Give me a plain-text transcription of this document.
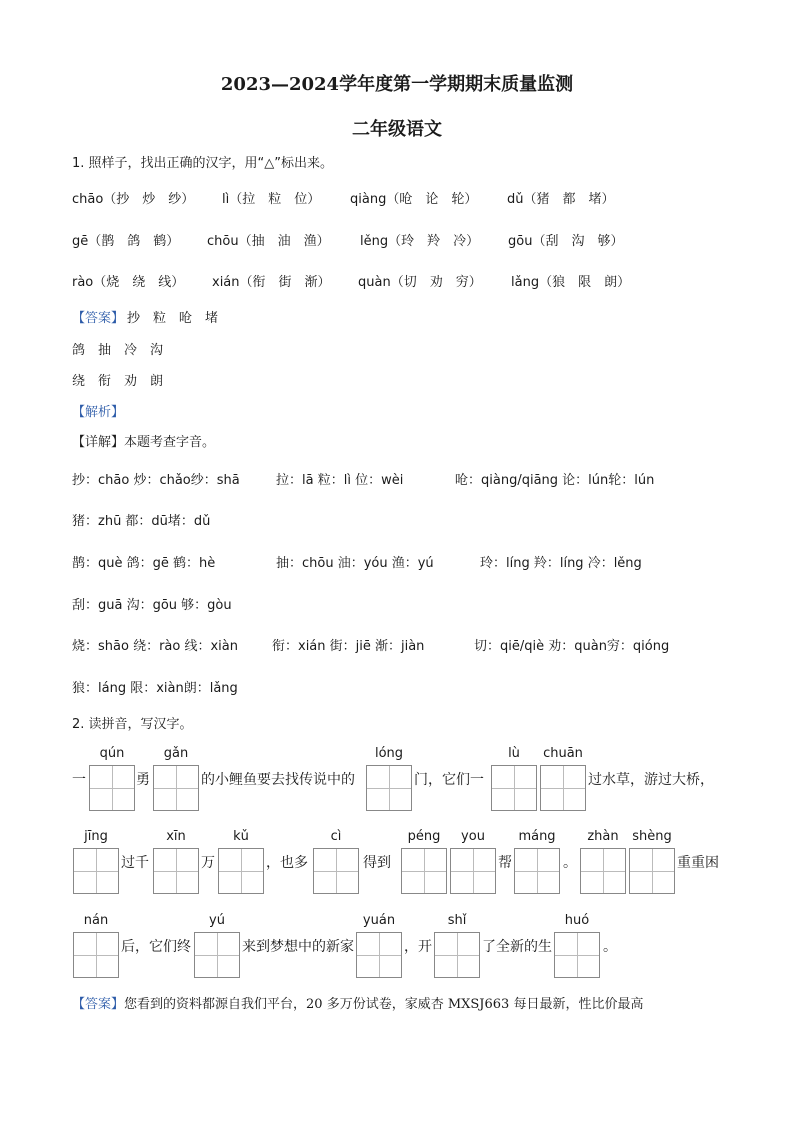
2023—2024学年度第一学期期末质量监测
二年级语文
1. 照样子，找出正确的汉字，用“△”标出来。
chāo（抄　炒　纱） lì（拉　粒　位） qiàng（呛　论　轮） dǔ（猪　都　堵）
gē（鹊　鸽　鹤） chōu（抽　油　渔） lěng（玲　羚　冷） gōu（刮　沟　够）
rào（烧　绕　线） xián（衔　街　渐） quàn（切　劝　穷） lǎng（狼　限　朗）
【答案】 抄　粒　呛　堵
鸽　抽　冷　沟
绕　衔　劝　朗
【解析】
【详解】本题考查字音。
抄：chāo 炒：chǎo纱：shā	拉：lā 粒：lì 位：wèi	呛：qiàng/qiāng 论：lún轮：lún
猪：zhū 都：dū堵：dǔ
鹊：què 鸽：gē 鹤：hè	抽：chōu 油：yóu 渔：yú	玲：líng 羚：líng 冷：lěng
刮：guā 沟：gōu 够：gòu
烧：shāo 绕：rào 线：xiàn	衔：xián 街：jiē 渐：jiàn	切：qiē/qiè 劝：quàn穷：qióng
狼：láng 限：xiàn朗：lǎng
2. 读拼音，写汉字。
qún	gǎn	lóng	lù	chuān
一	勇	的小鲤鱼要去找传说中的	门，它们一	过水草，游过大桥，
jīng	xīn	kǔ	cì	péng	you	máng	zhàn	shèng
过千	万	，也多	得到	帮	。	重重困
nán	yú	yuán	shǐ	huó
后，它们终	来到梦想中的新家	，开	了全新的生	。
【答案】您看到的资料都源自我们平台，20 多万份试卷，家威杏 MXSJ663 每日最新，性比价最高
